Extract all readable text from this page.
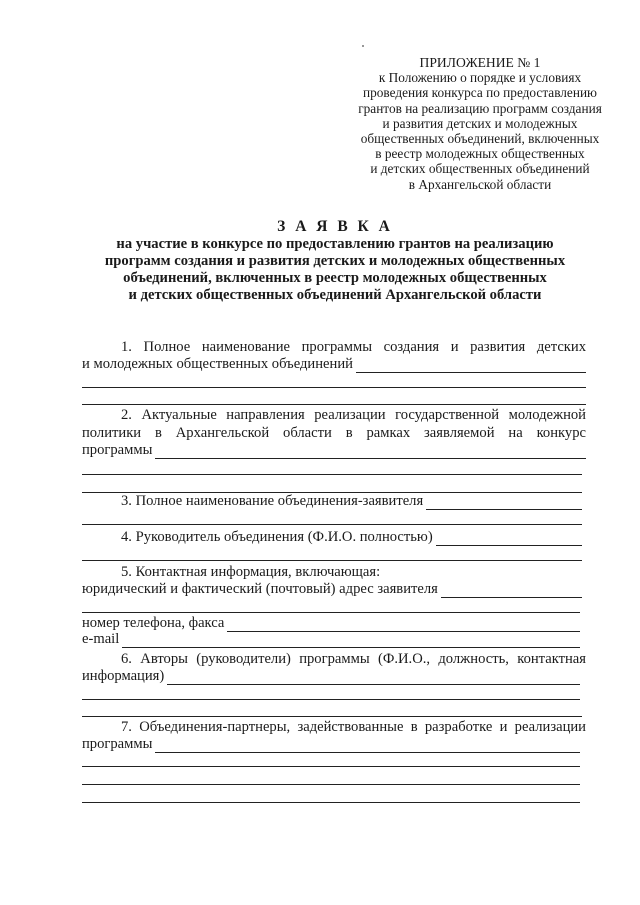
ПРИЛОЖЕНИЕ № 1
к Положению о порядке и условиях
проведения конкурса по предоставлению
грантов на реализацию программ создания
и развития детских и молодежных
общественных объединений, включенных
в реестр молодежных общественных
и детских общественных объединений
в Архангельской области
З А Я В К А
на участие в конкурсе по предоставлению грантов на реализацию
программ создания и развития детских и молодежных общественных
объединений, включенных в реестр молодежных общественных
и детских общественных объединений Архангельской области
1. Полное наименование программы создания и развития детских
и молодежных общественных объединений
2. Актуальные направления реализации государственной молодежной
политики в Архангельской области в рамках заявляемой на конкурс
программы
3. Полное наименование объединения-заявителя
4. Руководитель объединения (Ф.И.О. полностью)
5. Контактная информация, включающая:
юридический и фактический (почтовый) адрес заявителя
номер телефона, факса
e-mail
6. Авторы (руководители) программы (Ф.И.О., должность, контактная
информация)
7. Объединения-партнеры, задействованные в разработке и реализации
программы
